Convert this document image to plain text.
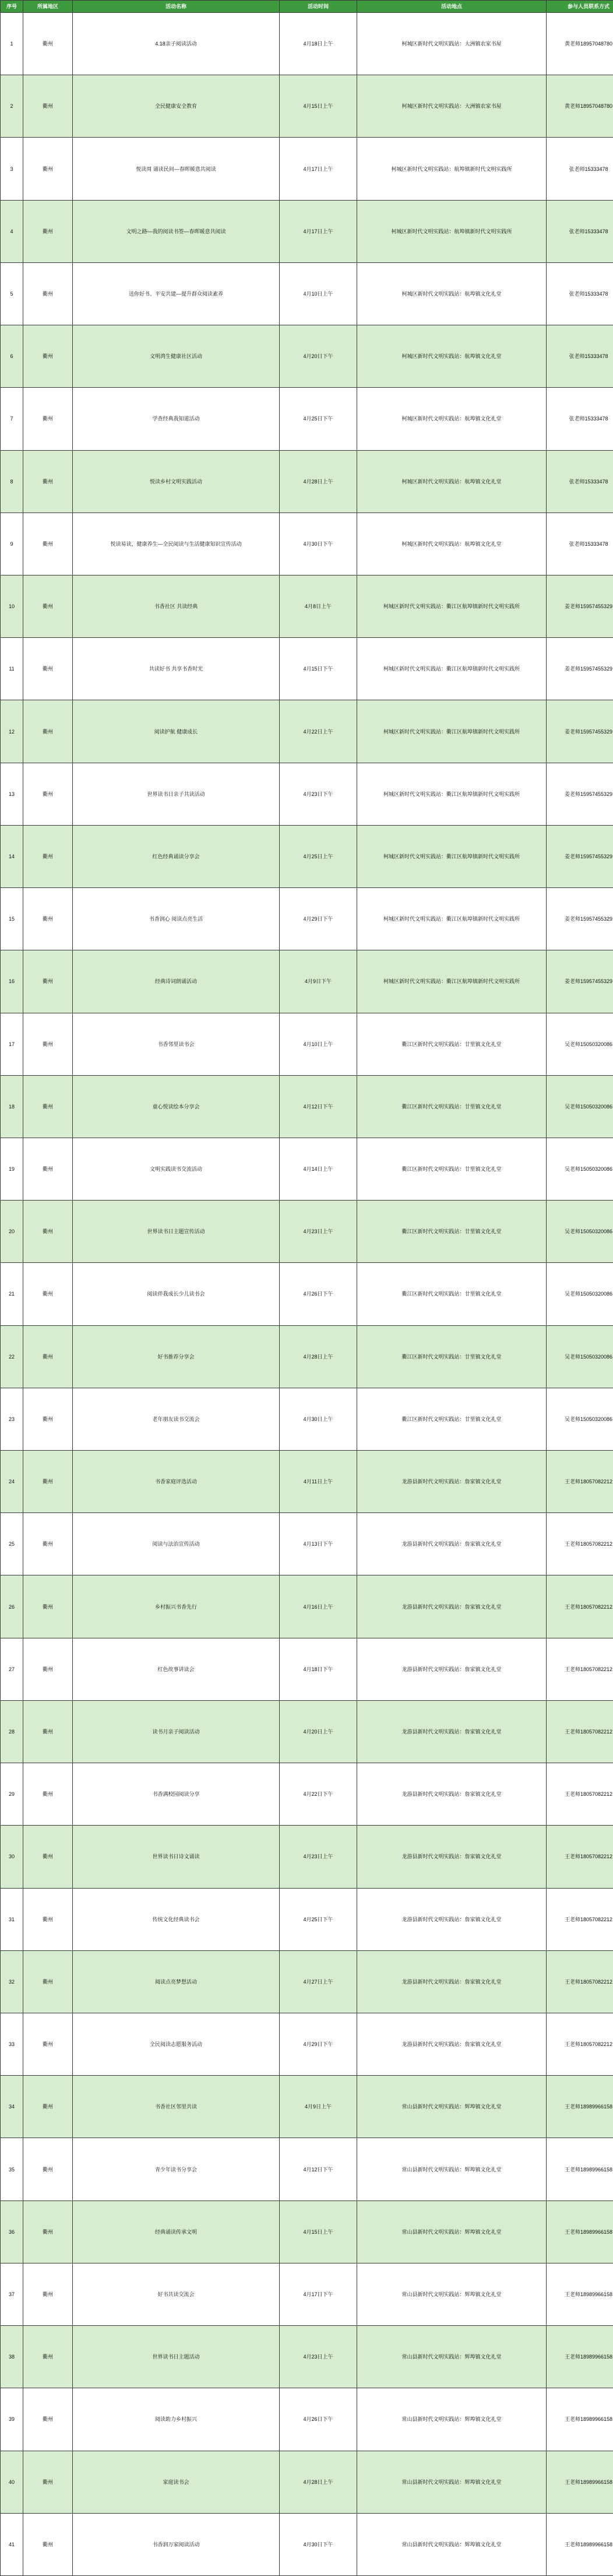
序号	所属地区	活动名称	活动时间	活动地点	参与人员联系方式
1	衢州	4.18亲子阅读活动	4月18日上午	柯城区新时代文明实践站：大洲镇农家书屋	黄老师18957048780
2	衢州	全民健康安全教育	4月15日上午	柯城区新时代文明实践站：大洲镇农家书屋	黄老师18957048780
3	衢州	悦读周 诵读民间—春晖暖意共阅读	4月17日上午	柯城区新时代文明实践站：航埠镇新时代文明实践所	张老师15333478
4	衢州	文明之路—我的阅读书签—春晖暖意共阅读	4月17日上午	柯城区新时代文明实践站：航埠镇新时代文明实践所	张老师15333478
5	衢州	送你好书、平安共建—提升群众阅读素养	4月10日上午	柯城区新时代文明实践站：航埠镇文化礼堂	张老师15333478
6	衢州	文明湾生健康社区活动	4月20日下午	柯城区新时代文明实践站：航埠镇文化礼堂	张老师15333478
7	衢州	学查经典我知道活动	4月25日下午	柯城区新时代文明实践站：航埠镇文化礼堂	张老师15333478
8	衢州	悦读乡村文明实践活动	4月28日上午	柯城区新时代文明实践站：航埠镇文化礼堂	张老师15333478
9	衢州	悦读易读，健康养生—全民阅读与生活健康知识宣传活动	4月30日下午	柯城区新时代文明实践站：航埠镇文化礼堂	张老师15333478
10	衢州	书香社区 共读经典	4月8日上午	柯城区新时代文明实践站：衢江区航埠镇新时代文明实践所	姜老师15957455329
11	衢州	共读好书 共享书香时光	4月15日下午	柯城区新时代文明实践站：衢江区航埠镇新时代文明实践所	姜老师15957455329
12	衢州	阅读护航 健康成长	4月22日上午	柯城区新时代文明实践站：衢江区航埠镇新时代文明实践所	姜老师15957455329
13	衢州	世界读书日亲子共读活动	4月23日下午	柯城区新时代文明实践站：衢江区航埠镇新时代文明实践所	姜老师15957455329
14	衢州	红色经典诵读分享会	4月25日上午	柯城区新时代文明实践站：衢江区航埠镇新时代文明实践所	姜老师15957455329
15	衢州	书香润心 阅读点亮生活	4月29日下午	柯城区新时代文明实践站：衢江区航埠镇新时代文明实践所	姜老师15957455329
16	衢州	经典诗词朗诵活动	4月9日下午	柯城区新时代文明实践站：衢江区航埠镇新时代文明实践所	姜老师15957455329
17	衢州	书香邻里读书会	4月10日上午	衢江区新时代文明实践站：廿里镇文化礼堂	吴老师15050320086
18	衢州	童心悦读绘本分享会	4月12日下午	衢江区新时代文明实践站：廿里镇文化礼堂	吴老师15050320086
19	衢州	文明实践读书交流活动	4月14日上午	衢江区新时代文明实践站：廿里镇文化礼堂	吴老师15050320086
20	衢州	世界读书日主题宣传活动	4月23日上午	衢江区新时代文明实践站：廿里镇文化礼堂	吴老师15050320086
21	衢州	阅读伴我成长少儿读书会	4月26日下午	衢江区新时代文明实践站：廿里镇文化礼堂	吴老师15050320086
22	衢州	好书推荐分享会	4月28日上午	衢江区新时代文明实践站：廿里镇文化礼堂	吴老师15050320086
23	衢州	老年朋友读书交流会	4月30日上午	衢江区新时代文明实践站：廿里镇文化礼堂	吴老师15050320086
24	衢州	书香家庭评选活动	4月11日上午	龙游县新时代文明实践站：詹家镇文化礼堂	王老师18057082212
25	衢州	阅读与法治宣传活动	4月13日下午	龙游县新时代文明实践站：詹家镇文化礼堂	王老师18057082212
26	衢州	乡村振兴书香先行	4月16日上午	龙游县新时代文明实践站：詹家镇文化礼堂	王老师18057082212
27	衢州	红色故事讲读会	4月18日下午	龙游县新时代文明实践站：詹家镇文化礼堂	王老师18057082212
28	衢州	读书月亲子阅读活动	4月20日上午	龙游县新时代文明实践站：詹家镇文化礼堂	王老师18057082212
29	衢州	书香满校园阅读分享	4月22日下午	龙游县新时代文明实践站：詹家镇文化礼堂	王老师18057082212
30	衢州	世界读书日诗文诵读	4月23日上午	龙游县新时代文明实践站：詹家镇文化礼堂	王老师18057082212
31	衢州	传统文化经典读书会	4月25日下午	龙游县新时代文明实践站：詹家镇文化礼堂	王老师18057082212
32	衢州	阅读点亮梦想活动	4月27日上午	龙游县新时代文明实践站：詹家镇文化礼堂	王老师18057082212
33	衢州	全民阅读志愿服务活动	4月29日下午	龙游县新时代文明实践站：詹家镇文化礼堂	王老师18057082212
34	衢州	书香社区邻里共读	4月9日上午	常山县新时代文明实践站：辉埠镇文化礼堂	王老师18989966158
35	衢州	青少年读书分享会	4月12日下午	常山县新时代文明实践站：辉埠镇文化礼堂	王老师18989966158
36	衢州	经典诵读传承文明	4月15日上午	常山县新时代文明实践站：辉埠镇文化礼堂	王老师18989966158
37	衢州	好书共读交流会	4月17日下午	常山县新时代文明实践站：辉埠镇文化礼堂	王老师18989966158
38	衢州	世界读书日主题活动	4月23日上午	常山县新时代文明实践站：辉埠镇文化礼堂	王老师18989966158
39	衢州	阅读助力乡村振兴	4月26日下午	常山县新时代文明实践站：辉埠镇文化礼堂	王老师18989966158
40	衢州	家庭读书会	4月28日上午	常山县新时代文明实践站：辉埠镇文化礼堂	王老师18989966158
41	衢州	书香润万家阅读活动	4月30日下午	常山县新时代文明实践站：辉埠镇文化礼堂	王老师18989966158
